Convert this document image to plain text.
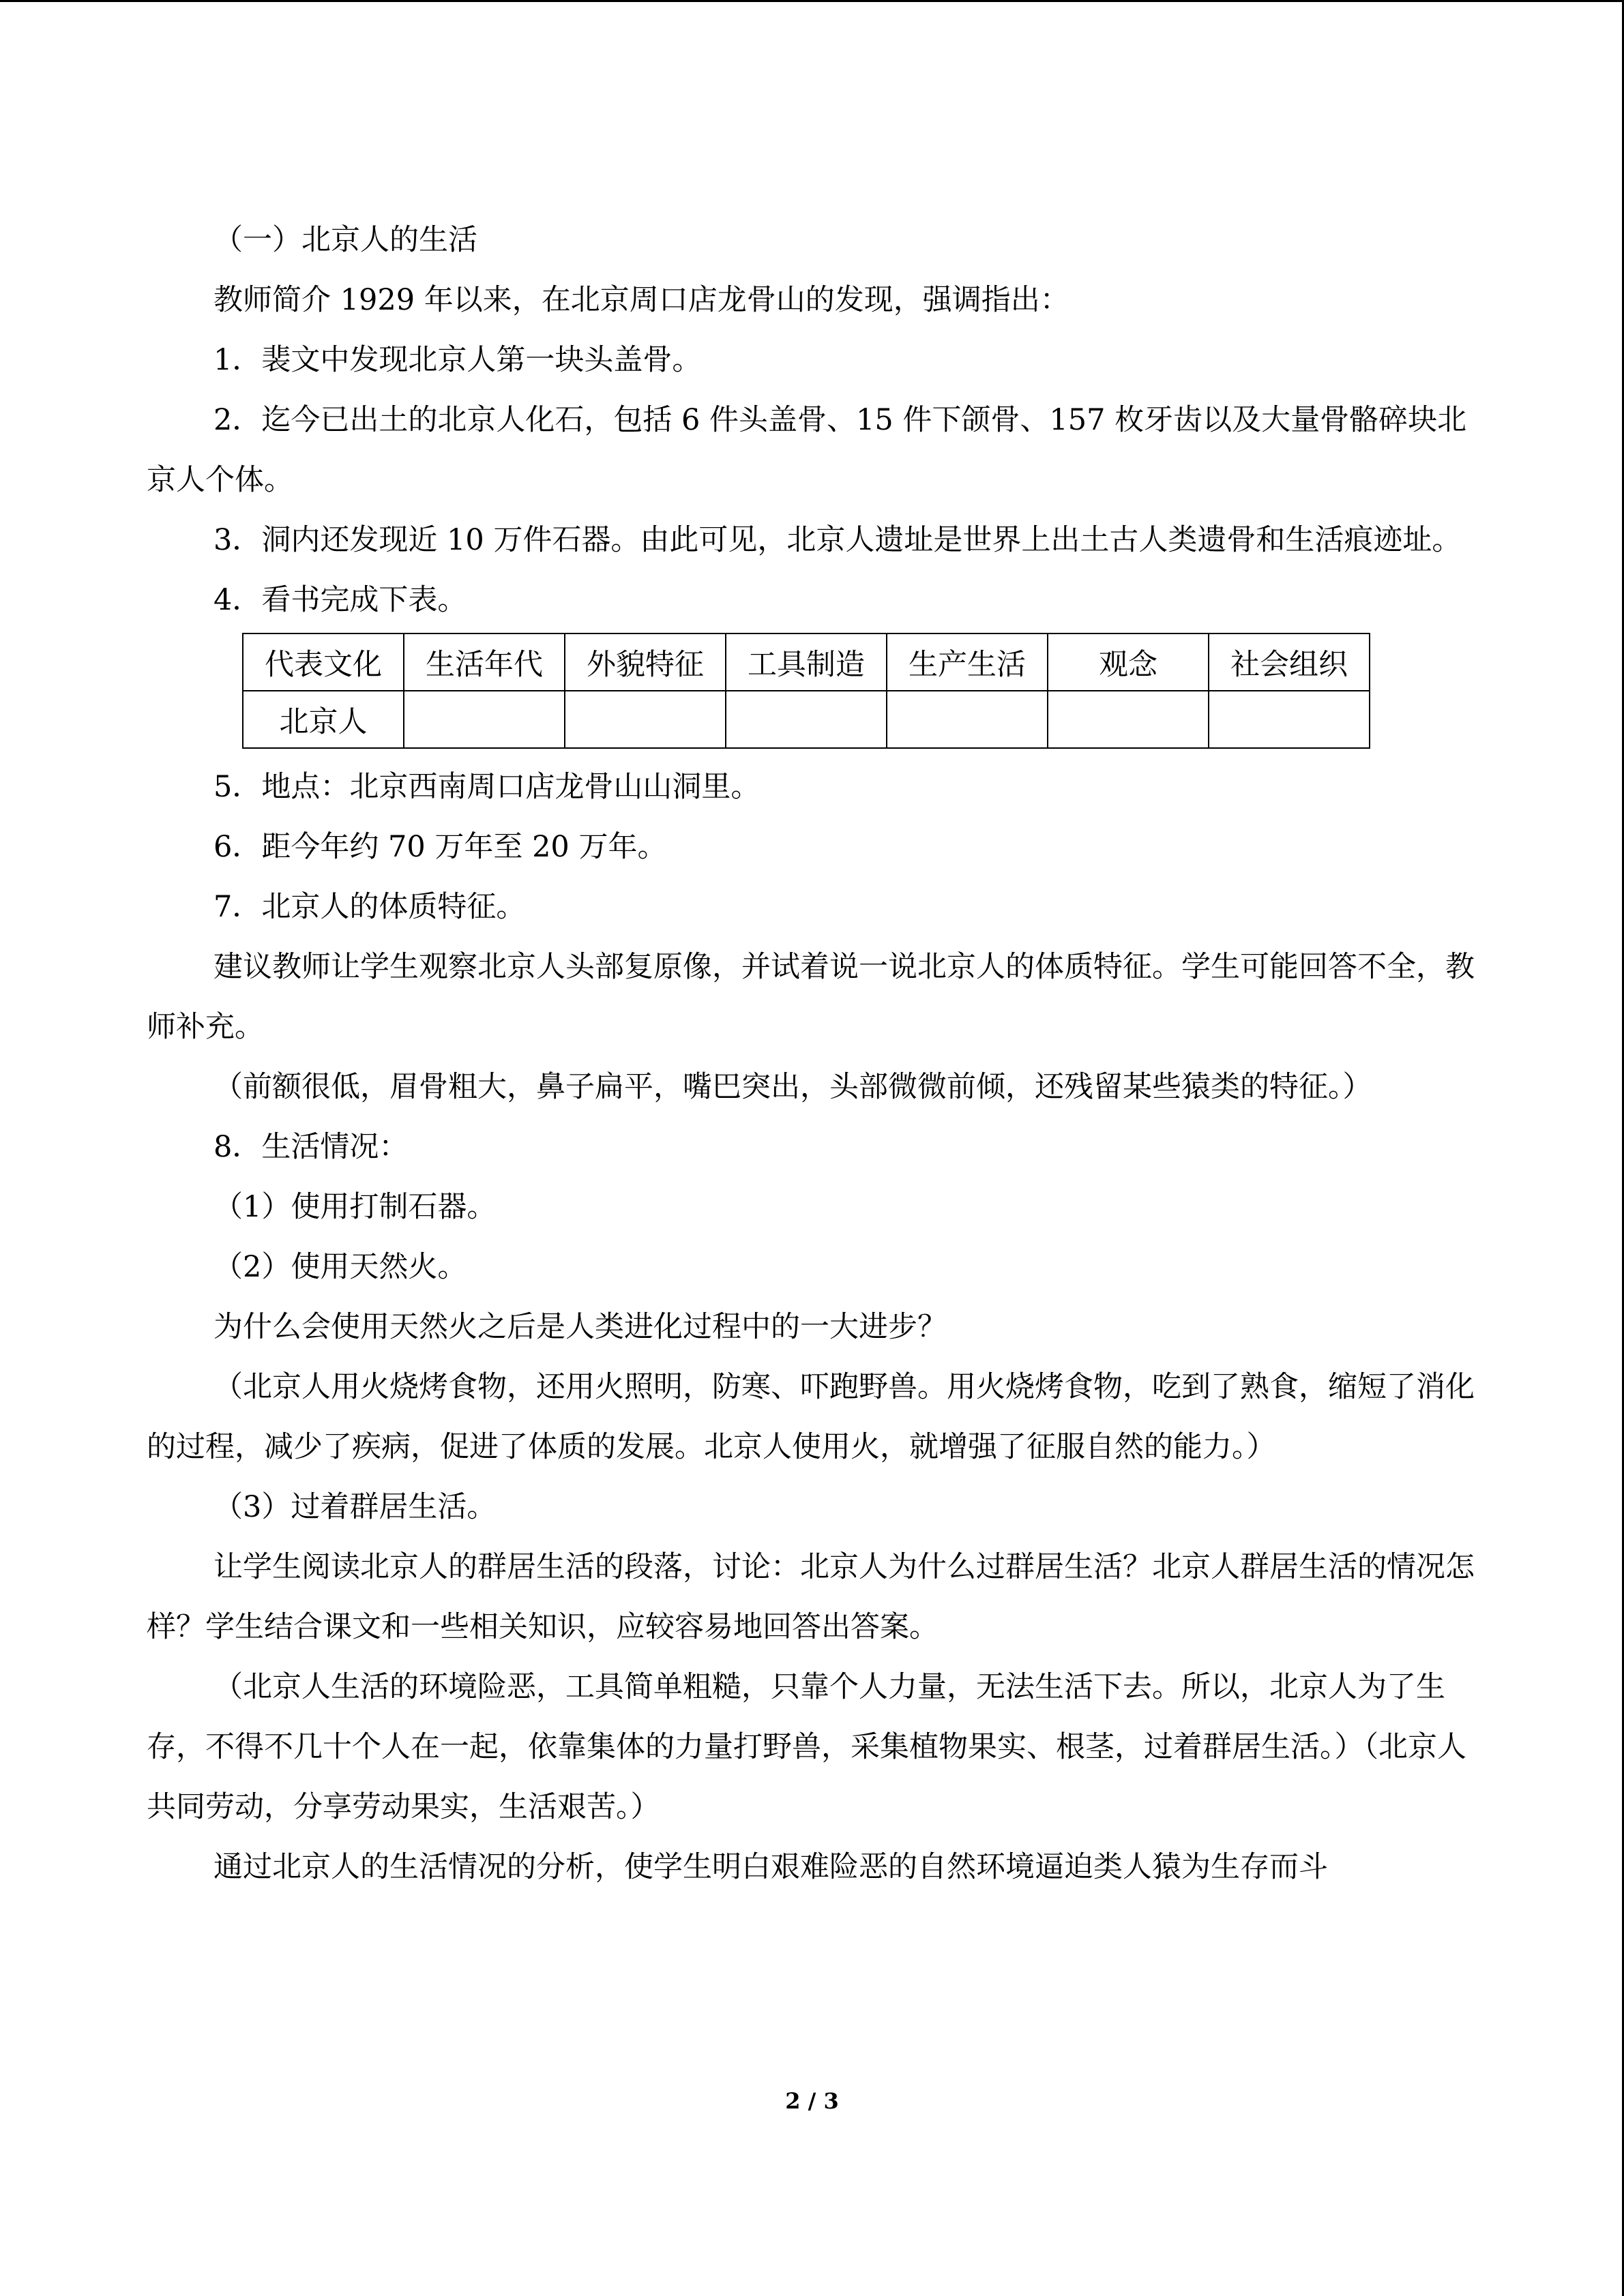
（一）北京人的生活

教师简介 1929 年以来，在北京周口店龙骨山的发现，强调指出：

1．裴文中发现北京人第一块头盖骨。

2．迄今已出土的北京人化石，包括 6 件头盖骨、15 件下颌骨、157 枚牙齿以及大量骨骼碎块北京人个体。

3．洞内还发现近 10 万件石器。由此可见，北京人遗址是世界上出土古人类遗骨和生活痕迹址。

4．看书完成下表。

代表文化	生活年代	外貌特征	工具制造	生产生活	观念	社会组织
北京人						

5．地点：北京西南周口店龙骨山山洞里。

6．距今年约 70 万年至 20 万年。

7．北京人的体质特征。

建议教师让学生观察北京人头部复原像，并试着说一说北京人的体质特征。学生可能回答不全，教师补充。

（前额很低，眉骨粗大，鼻子扁平，嘴巴突出，头部微微前倾，还残留某些猿类的特征。）

8．生活情况：

（1）使用打制石器。

（2）使用天然火。

为什么会使用天然火之后是人类进化过程中的一大进步？

（北京人用火烧烤食物，还用火照明，防寒、吓跑野兽。用火烧烤食物，吃到了熟食，缩短了消化的过程，减少了疾病，促进了体质的发展。北京人使用火，就增强了征服自然的能力。）

（3）过着群居生活。

让学生阅读北京人的群居生活的段落，讨论：北京人为什么过群居生活？北京人群居生活的情况怎样？学生结合课文和一些相关知识，应较容易地回答出答案。

（北京人生活的环境险恶，工具简单粗糙，只靠个人力量，无法生活下去。所以，北京人为了生存，不得不几十个人在一起，依靠集体的力量打野兽，采集植物果实、根茎，过着群居生活。）（北京人共同劳动，分享劳动果实，生活艰苦。）

通过北京人的生活情况的分析，使学生明白艰难险恶的自然环境逼迫类人猿为生存而斗

2 / 3
